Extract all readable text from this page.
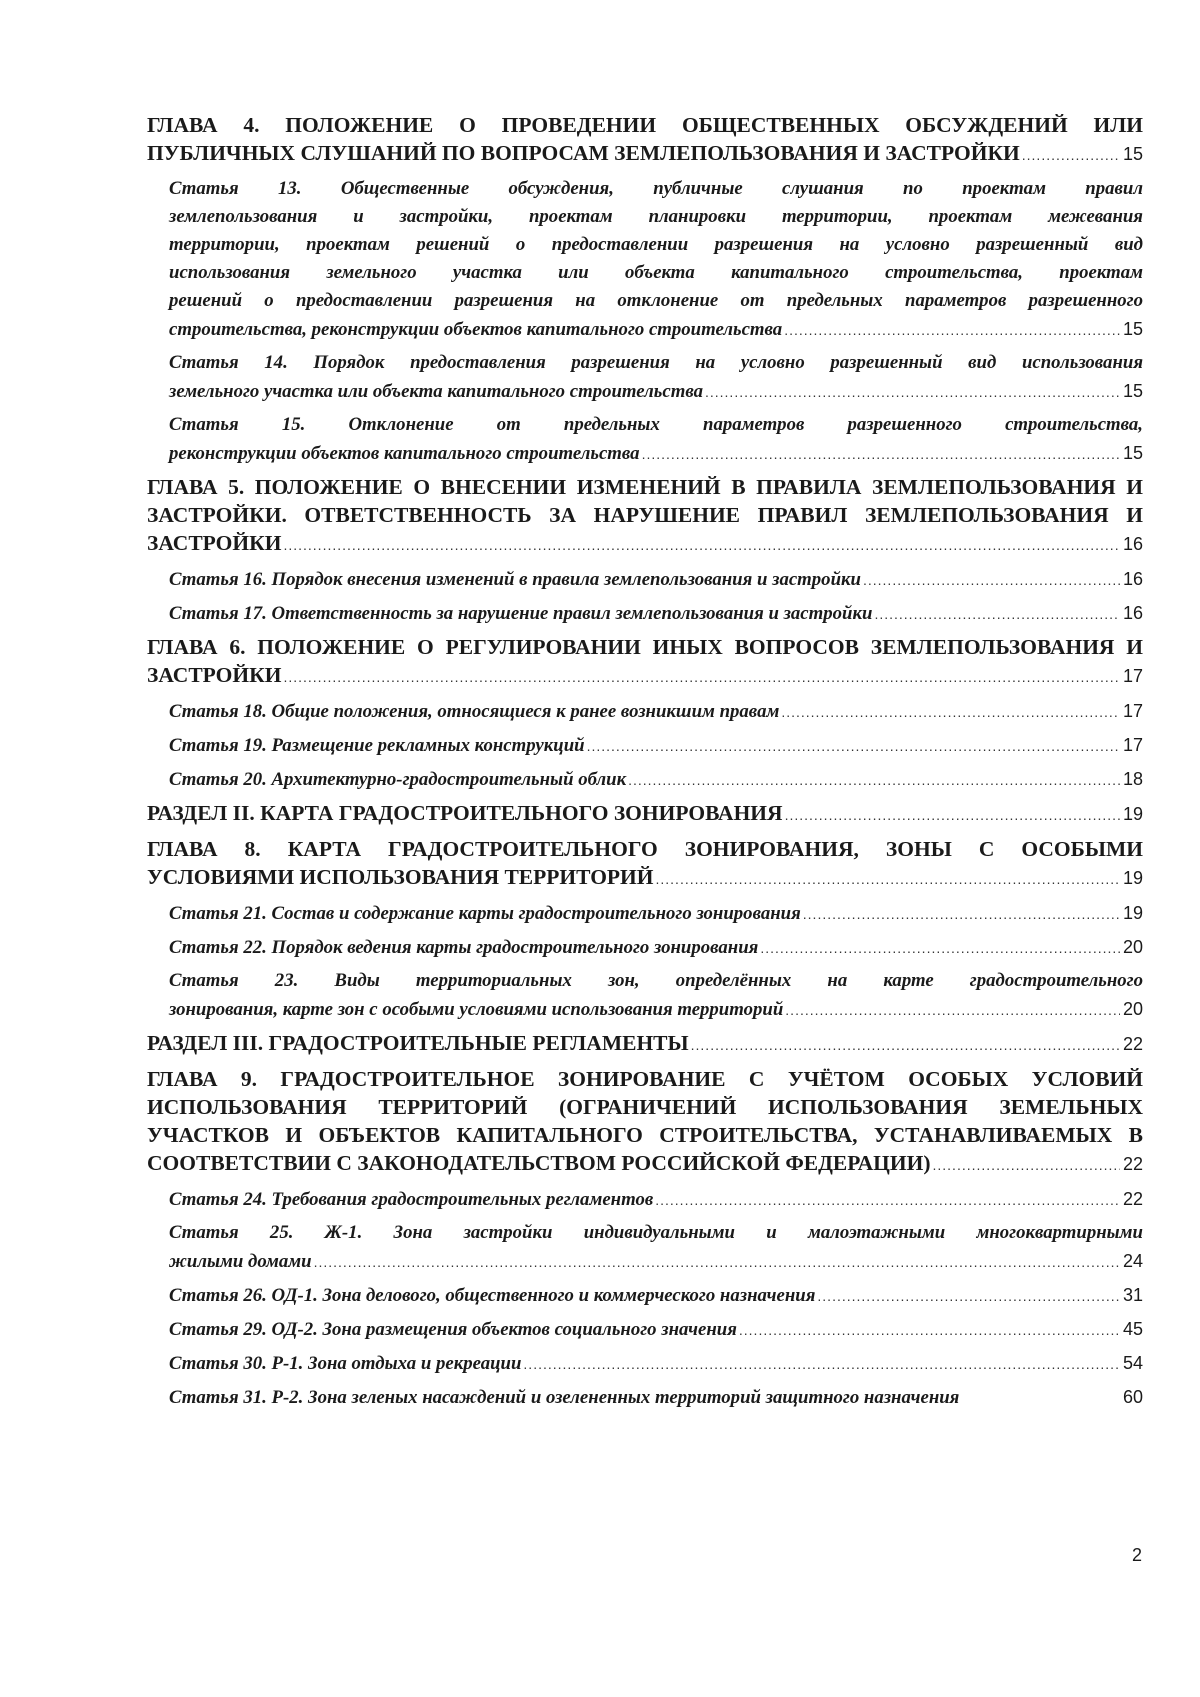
ГЛАВА 4. ПОЛОЖЕНИЕ О ПРОВЕДЕНИИ ОБЩЕСТВЕННЫХ ОБСУЖДЕНИЙ ИЛИ
ПУБЛИЧНЫХ СЛУШАНИЙ ПО ВОПРОСАМ ЗЕМЛЕПОЛЬЗОВАНИЯ И ЗАСТРОЙКИ .....	15
Статья 13. Общественные обсуждения, публичные слушания по проектам правил
землепользования и застройки, проектам планировки территории, проектам межевания
территории, проектам решений о предоставлении разрешения на условно разрешенный вид
использования земельного участка или объекта капитального строительства, проектам
решений о предоставлении разрешения на отклонение от предельных параметров разрешенного
строительства, реконструкции объектов капитального строительства .....	15
Статья 14. Порядок предоставления разрешения на условно разрешенный вид использования
земельного участка или объекта капитального строительства .....	15
Статья 15. Отклонение от предельных параметров разрешенного строительства,
реконструкции объектов капитального строительства .....	15
ГЛАВА 5. ПОЛОЖЕНИЕ О ВНЕСЕНИИ ИЗМЕНЕНИЙ В ПРАВИЛА ЗЕМЛЕПОЛЬЗОВАНИЯ И
ЗАСТРОЙКИ. ОТВЕТСТВЕННОСТЬ ЗА НАРУШЕНИЕ ПРАВИЛ ЗЕМЛЕПОЛЬЗОВАНИЯ И
ЗАСТРОЙКИ .....	16
Статья 16. Порядок внесения изменений в правила землепользования и застройки .....	16
Статья 17. Ответственность за нарушение правил землепользования и застройки .....	16
ГЛАВА 6. ПОЛОЖЕНИЕ О РЕГУЛИРОВАНИИ ИНЫХ ВОПРОСОВ ЗЕМЛЕПОЛЬЗОВАНИЯ И
ЗАСТРОЙКИ .....	17
Статья 18. Общие положения, относящиеся к ранее возникшим правам .....	17
Статья 19. Размещение рекламных конструкций .....	17
Статья 20. Архитектурно-градостроительный облик .....	18
РАЗДЕЛ II. КАРТА ГРАДОСТРОИТЕЛЬНОГО ЗОНИРОВАНИЯ .....	19
ГЛАВА 8. КАРТА ГРАДОСТРОИТЕЛЬНОГО ЗОНИРОВАНИЯ, ЗОНЫ С ОСОБЫМИ
УСЛОВИЯМИ ИСПОЛЬЗОВАНИЯ ТЕРРИТОРИЙ .....	19
Статья 21. Состав и содержание карты градостроительного зонирования .....	19
Статья 22. Порядок ведения карты градостроительного зонирования .....	20
Статья 23. Виды территориальных зон, определённых на карте градостроительного
зонирования, карте зон с особыми условиями использования территорий .....	20
РАЗДЕЛ III. ГРАДОСТРОИТЕЛЬНЫЕ РЕГЛАМЕНТЫ .....	22
ГЛАВА 9. ГРАДОСТРОИТЕЛЬНОЕ ЗОНИРОВАНИЕ С УЧЁТОМ ОСОБЫХ УСЛОВИЙ
ИСПОЛЬЗОВАНИЯ ТЕРРИТОРИЙ (ОГРАНИЧЕНИЙ ИСПОЛЬЗОВАНИЯ ЗЕМЕЛЬНЫХ
УЧАСТКОВ И ОБЪЕКТОВ КАПИТАЛЬНОГО СТРОИТЕЛЬСТВА, УСТАНАВЛИВАЕМЫХ В
СООТВЕТСТВИИ С ЗАКОНОДАТЕЛЬСТВОМ РОССИЙСКОЙ ФЕДЕРАЦИИ) .....	22
Статья 24. Требования градостроительных регламентов .....	22
Статья 25. Ж-1. Зона застройки индивидуальными и малоэтажными многоквартирными
жилыми домами .....	24
Статья 26. ОД-1. Зона делового, общественного и коммерческого назначения .....	31
Статья 29. ОД-2. Зона размещения объектов социального значения .....	45
Статья 30. Р-1. Зона отдыха и рекреации .....	54
Статья 31. Р-2. Зона зеленых насаждений и озелененных территорий защитного назначения	60
2
